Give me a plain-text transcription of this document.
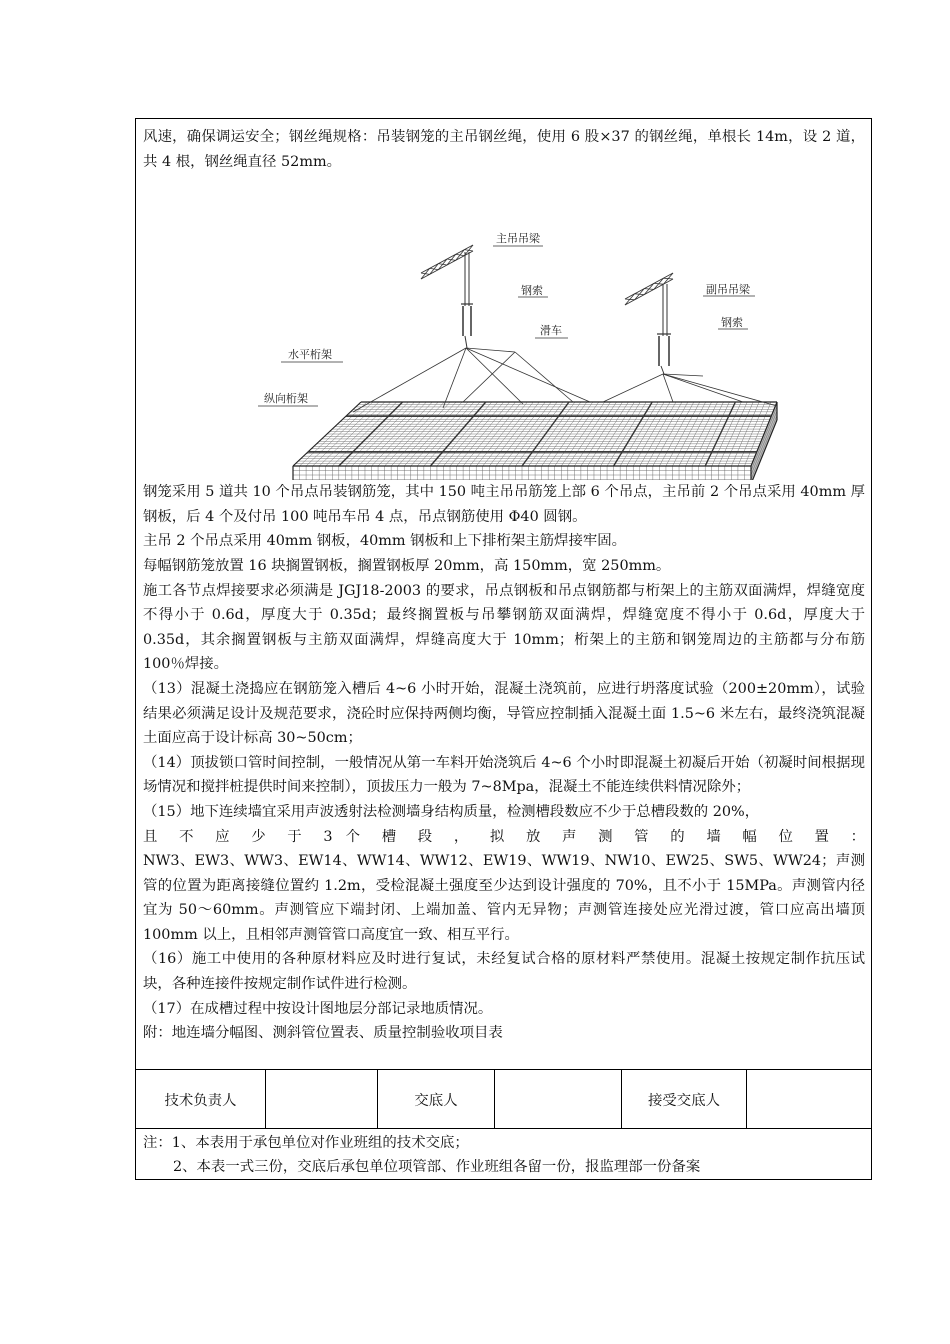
风速，确保调运安全；钢丝绳规格：吊装钢笼的主吊钢丝绳，使用 6 股×37 的钢丝绳，单根长 14m，设 2 道，共 4 根，钢丝绳直径 52mm。

主吊吊梁
钢索	副吊吊梁
钢索
滑车
水平桁架
纵向桁架

钢笼采用 5 道共 10 个吊点吊装钢筋笼，其中 150 吨主吊吊筋笼上部 6 个吊点，主吊前 2 个吊点采用 40mm 厚钢板，后 4 个及付吊 100 吨吊车吊 4 点，吊点钢筋使用 Φ40 圆钢。

主吊 2 个吊点采用 40mm 钢板，40mm 钢板和上下排桁架主筋焊接牢固。

每幅钢筋笼放置 16 块搁置钢板，搁置钢板厚 20mm，高 150mm，宽 250mm。

施工各节点焊接要求必须满是 JGJ18-2003 的要求，吊点钢板和吊点钢筋都与桁架上的主筋双面满焊，焊缝宽度不得小于 0.6d，厚度大于 0.35d；最终搁置板与吊攀钢筋双面满焊，焊缝宽度不得小于 0.6d，厚度大于 0.35d，其余搁置钢板与主筋双面满焊，焊缝高度大于 10mm；桁架上的主筋和钢笼周边的主筋都与分布筋 100％焊接。

（13）混凝土浇捣应在钢筋笼入槽后 4~6 小时开始，混凝土浇筑前，应进行坍落度试验（200±20mm），试验结果必须满足设计及规范要求，浇砼时应保持两侧均衡，导管应控制插入混凝土面 1.5~6 米左右，最终浇筑混凝土面应高于设计标高 30~50cm；

（14）顶拔锁口管时间控制，一般情况从第一车料开始浇筑后 4~6 个小时即混凝土初凝后开始（初凝时间根据现场情况和搅拌桩提供时间来控制），顶拔压力一般为 7~8Mpa，混凝土不能连续供料情况除外；

（15）地下连续墙宜采用声波透射法检测墙身结构质量，检测槽段数应不少于总槽段数的 20%，

且 不 应 少 于 3 个 槽 段 ， 拟 放 声 测 管 的 墙 幅 位 置 ：

NW3、EW3、WW3、EW14、WW14、WW12、EW19、WW19、NW10、EW25、SW5、WW24；声测管的位置为距离接缝位置约 1.2m，受检混凝土强度至少达到设计强度的 70%，且不小于 15MPa。声测管内径宜为 50～60mm。声测管应下端封闭、上端加盖、管内无异物；声测管连接处应光滑过渡，管口应高出墙顶 100mm 以上，且相邻声测管管口高度宜一致、相互平行。

（16）施工中使用的各种原材料应及时进行复试，未经复试合格的原材料严禁使用。混凝土按规定制作抗压试块，各种连接件按规定制作试件进行检测。

（17）在成槽过程中按设计图地层分部记录地质情况。

附：地连墙分幅图、测斜管位置表、质量控制验收项目表

技术负责人	交底人	接受交底人

注：1、本表用于承包单位对作业班组的技术交底；

2、本表一式三份，交底后承包单位项管部、作业班组各留一份，报监理部一份备案
